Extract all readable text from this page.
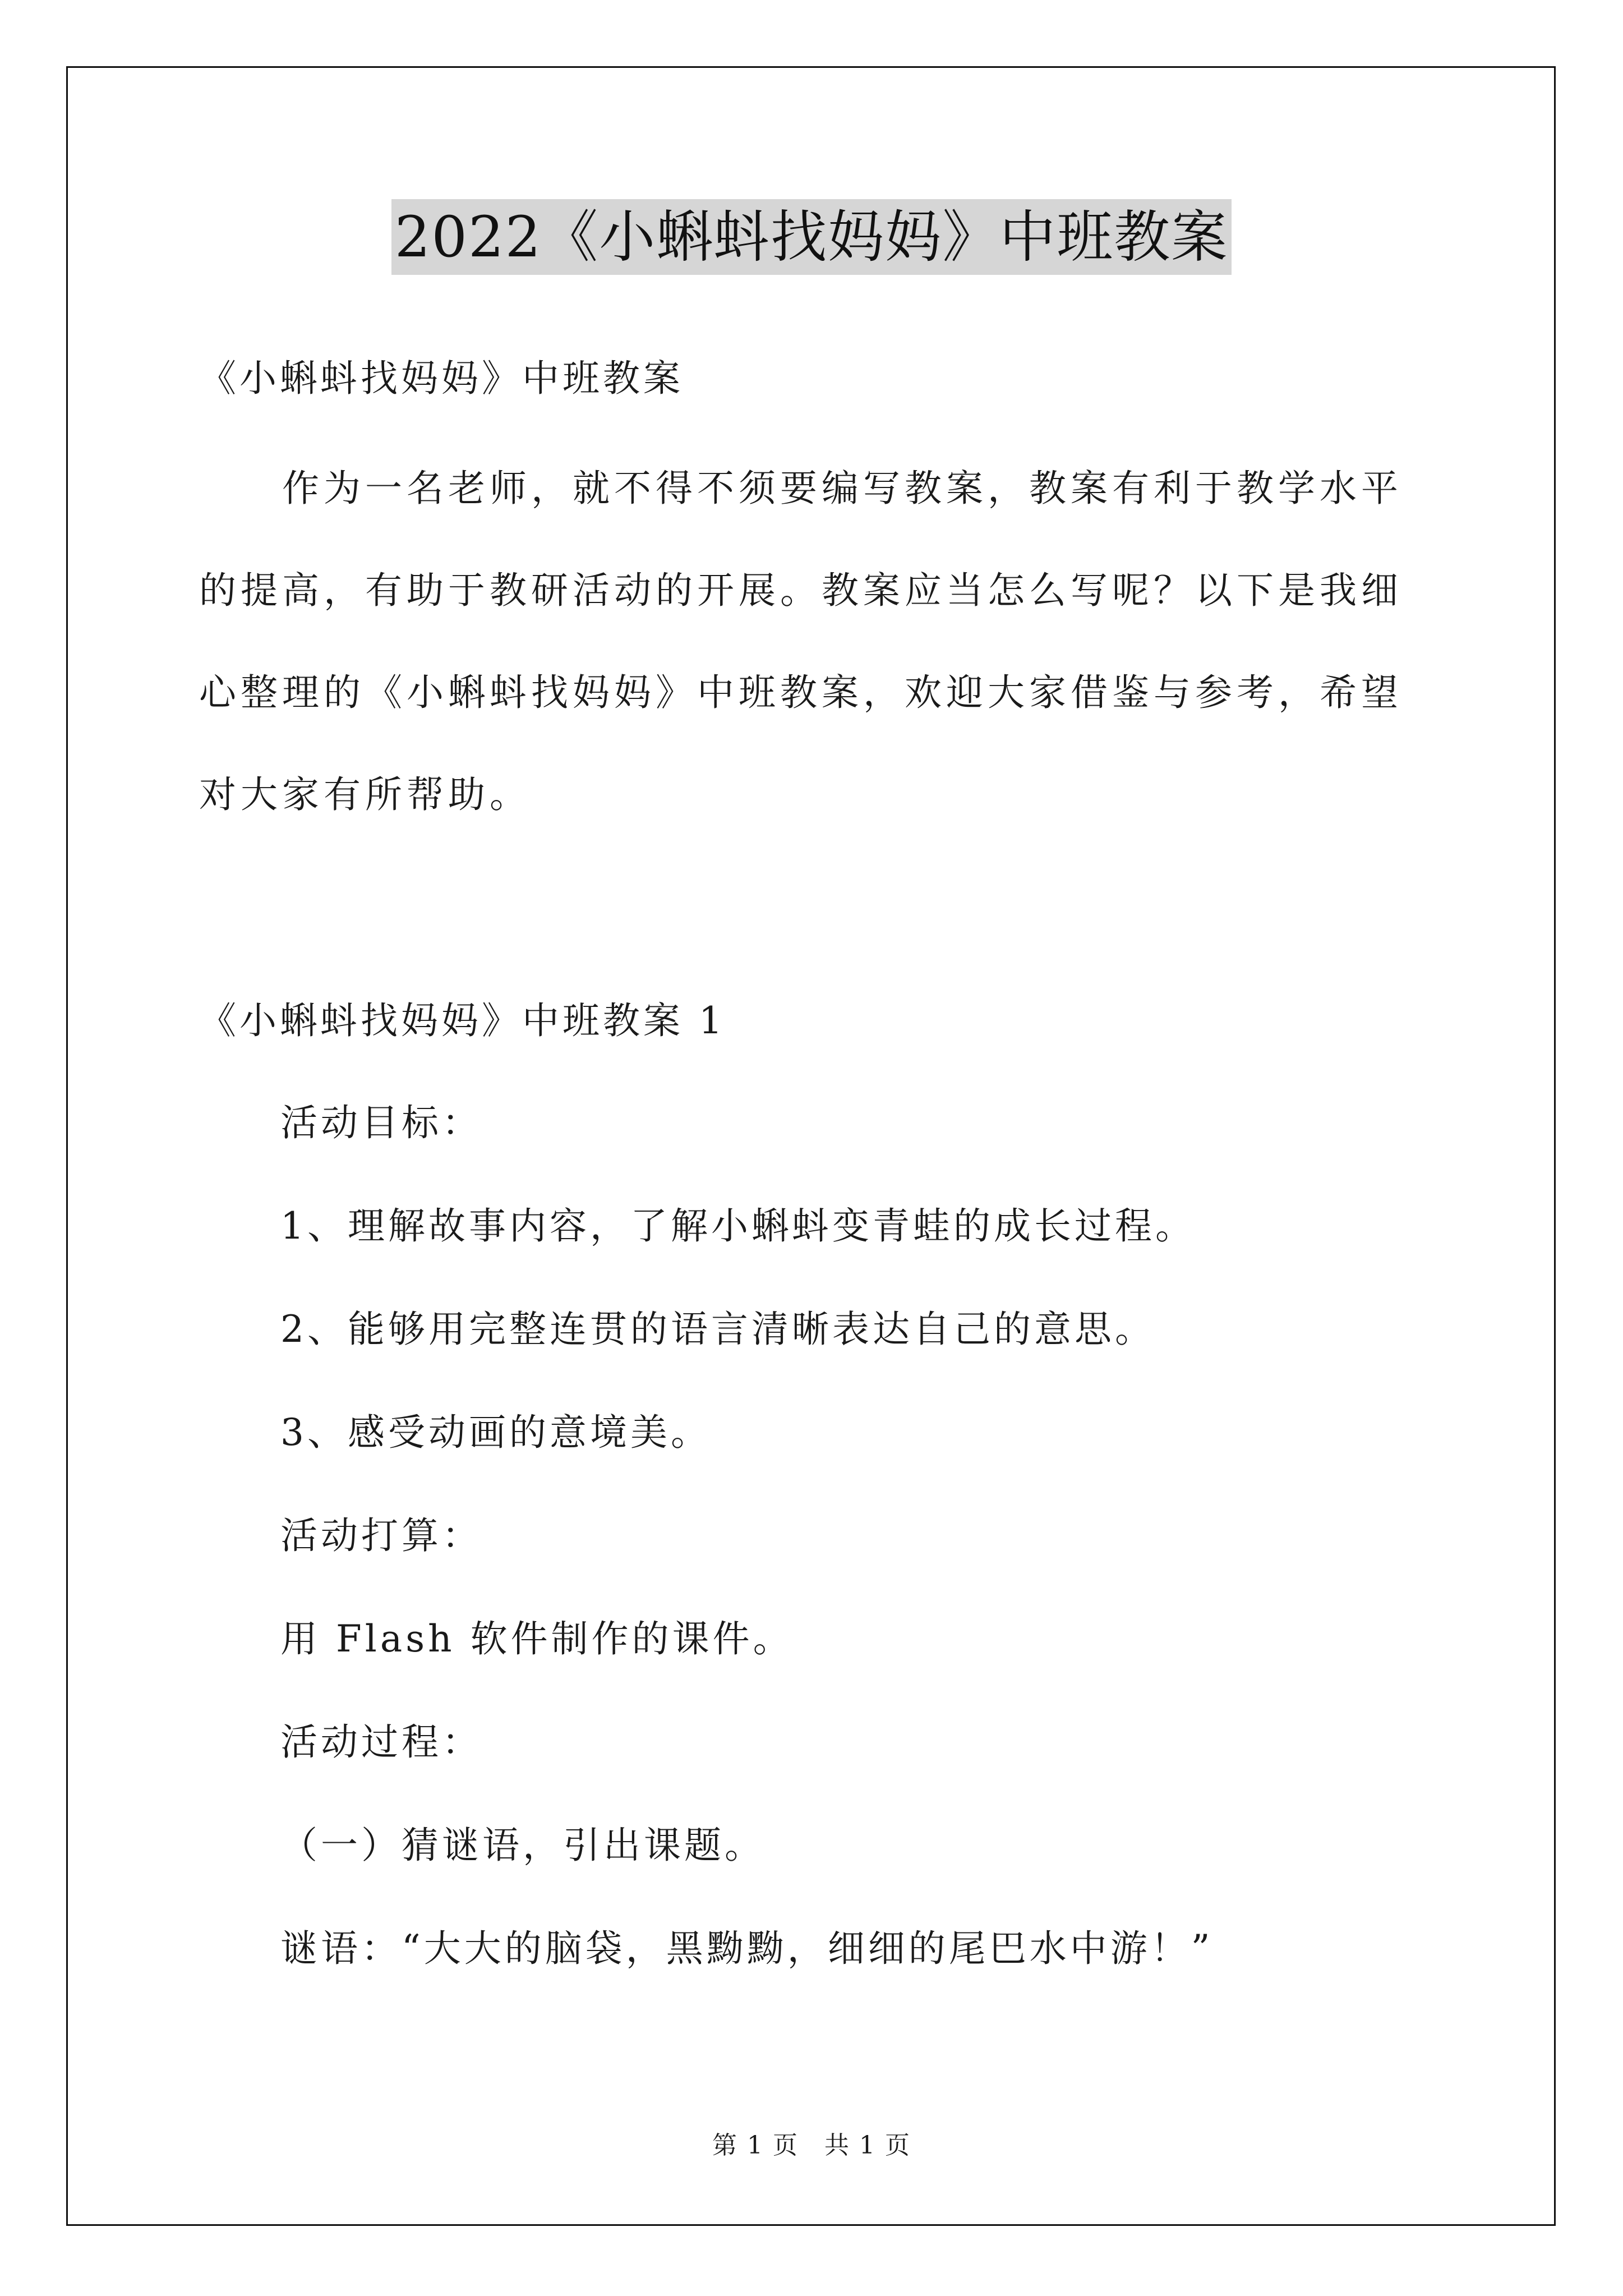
2022《小蝌蚪找妈妈》中班教案
《小蝌蚪找妈妈》中班教案

作为一名老师，就不得不须要编写教案，教案有利于教学水平的提高，有助于教研活动的开展。教案应当怎么写呢？以下是我细心整理的《小蝌蚪找妈妈》中班教案，欢迎大家借鉴与参考，希望对大家有所帮助。

《小蝌蚪找妈妈》中班教案 1
活动目标：
1、理解故事内容，了解小蝌蚪变青蛙的成长过程。
2、能够用完整连贯的语言清晰表达自己的意思。
3、感受动画的意境美。
活动打算：
用 Flash 软件制作的课件。
活动过程：
（一）猜谜语，引出课题。
谜语：“大大的脑袋，黑黝黝，细细的尾巴水中游！”
第 1 页　共 1 页
